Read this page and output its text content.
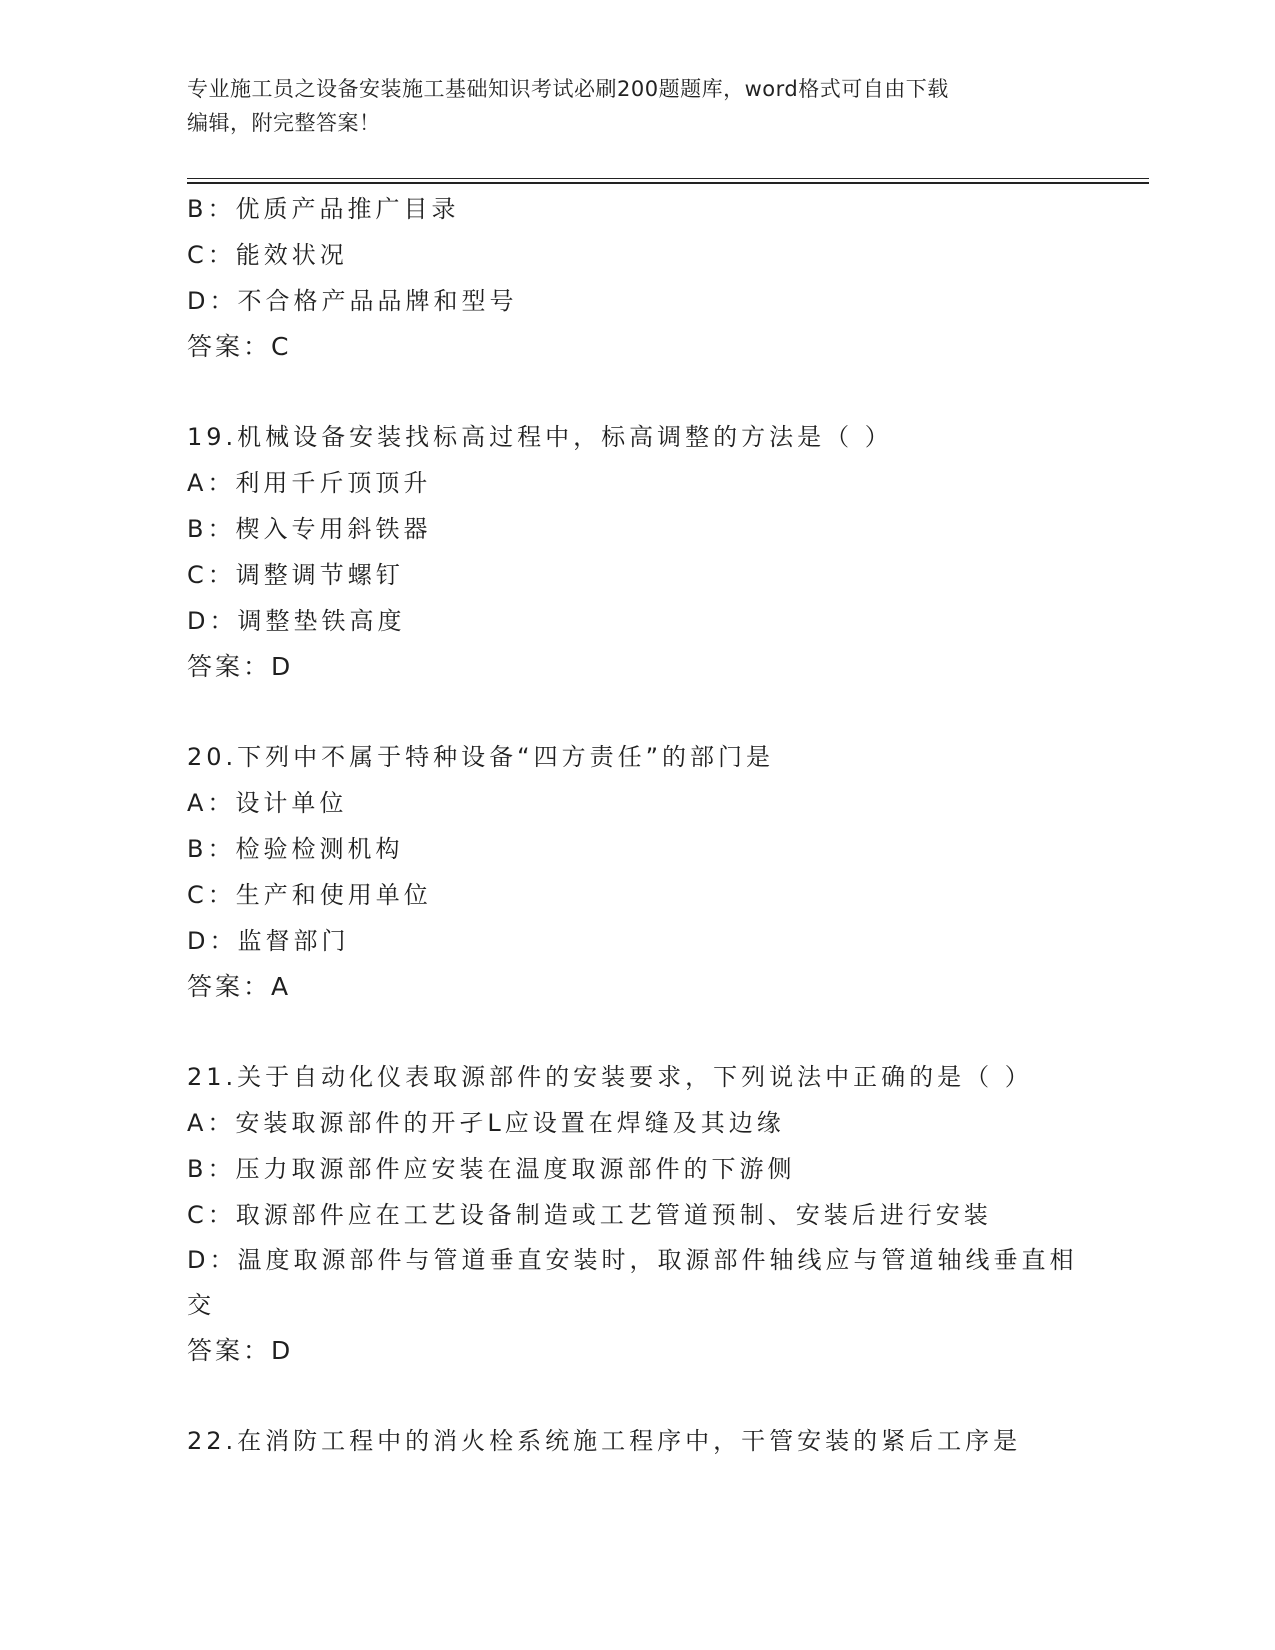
专业施工员之设备安装施工基础知识考试必刷200题题库，word格式可自由下载
编辑，附完整答案！
B：优质产品推广目录
C：能效状况
D：不合格产品品牌和型号
答案：C
19.机械设备安装找标高过程中，标高调整的方法是（ ）
A：利用千斤顶顶升
B：楔入专用斜铁器
C：调整调节螺钉
D：调整垫铁高度
答案：D
20.下列中不属于特种设备“四方责任”的部门是
A：设计单位
B：检验检测机构
C：生产和使用单位
D：监督部门
答案：A
21.关于自动化仪表取源部件的安装要求，下列说法中正确的是（ ）
A：安装取源部件的开孑L应设置在焊缝及其边缘
B：压力取源部件应安装在温度取源部件的下游侧
C：取源部件应在工艺设备制造或工艺管道预制、安装后进行安装
D：温度取源部件与管道垂直安装时，取源部件轴线应与管道轴线垂直相交
答案：D
22.在消防工程中的消火栓系统施工程序中，干管安装的紧后工序是
